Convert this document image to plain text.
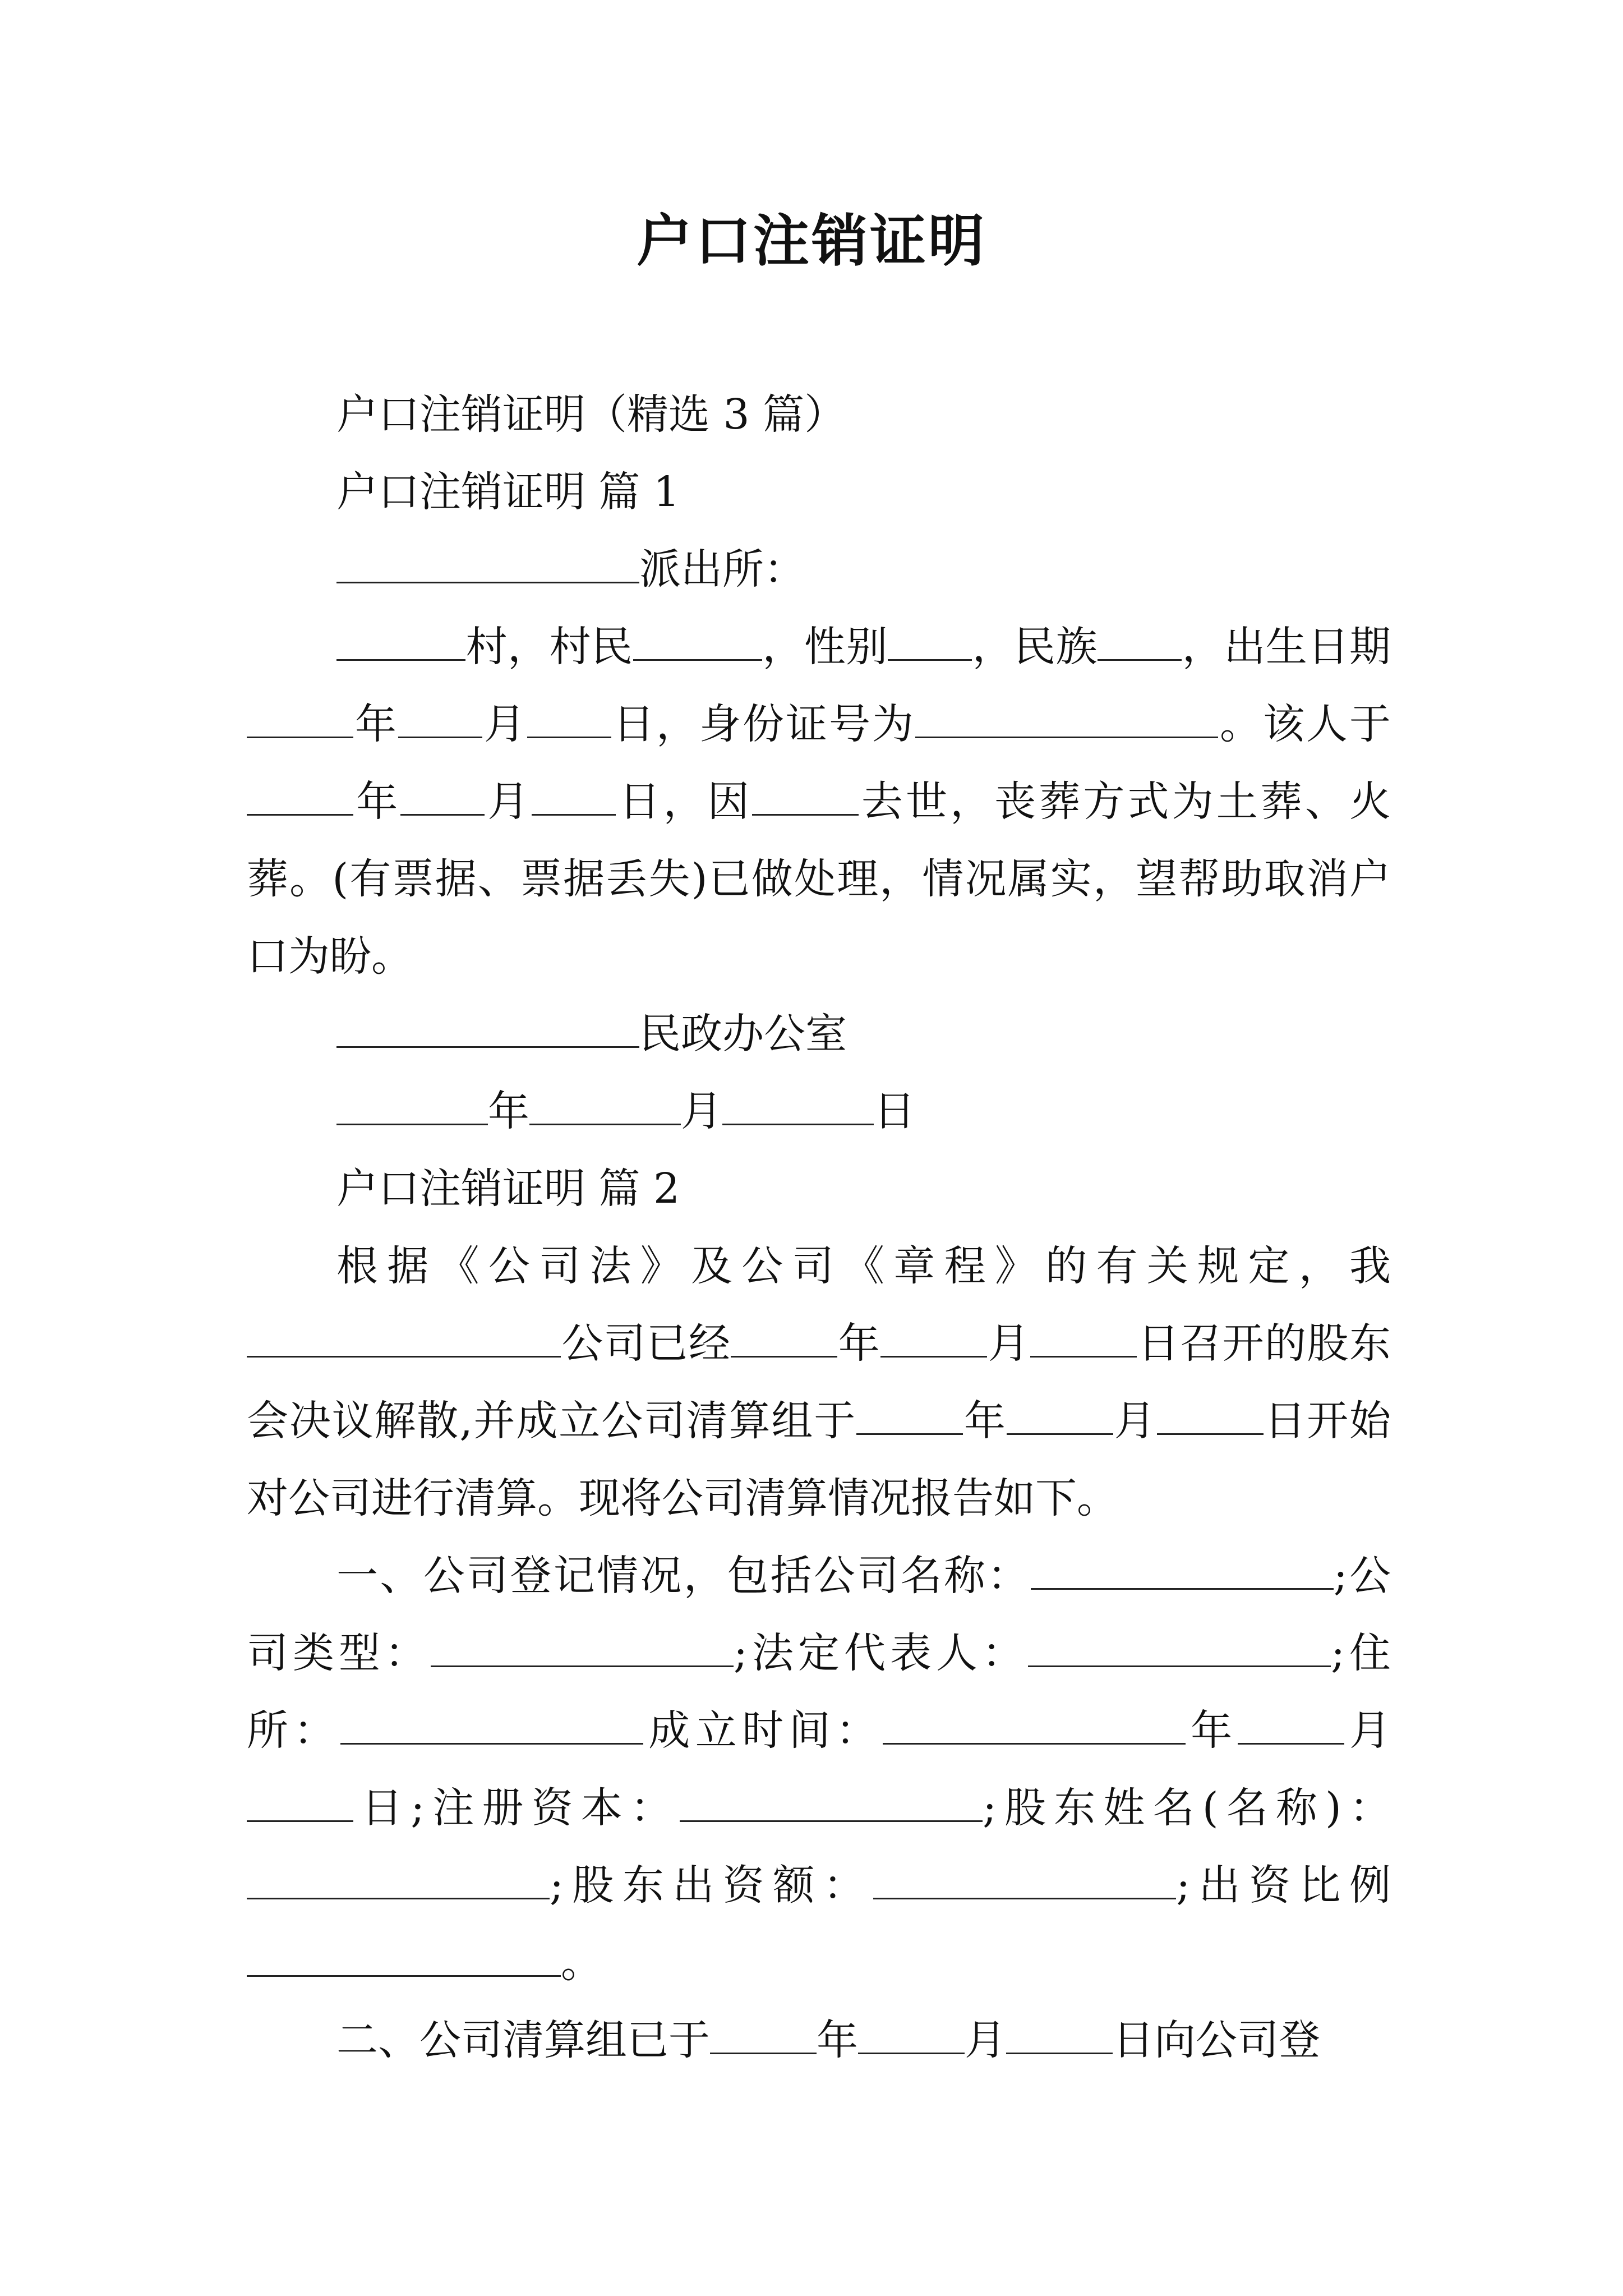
户口注销证明

户口注销证明（精选 3 篇）

户口注销证明 篇 1

派出所：

村，村民	，性别 ，民族 ，出生日期年 月 日，身份证号为	。该人于年 月 日，因	去世，丧葬方式为土葬、火葬。(有票据、票据丢失)已做处理，情况属实，望帮助取消户口为盼。

民政办公室

年	月	日

户口注销证明 篇 2

根据《公司法》及公司《章程》的有关规定，我公司已经	年	月	日召开的股东会决议解散,并成立公司清算组于	年	月	日开始对公司进行清算。现将公司清算情况报告如下。

一、公司登记情况，包括公司名称：	;公司类型：	;法定代表人：	;住所：	成立时间：	年	月日;注册资本：	;股东姓名(名称)：;股东出资额：	;出资比例。

二、公司清算组已于	年	月	日向公司登
